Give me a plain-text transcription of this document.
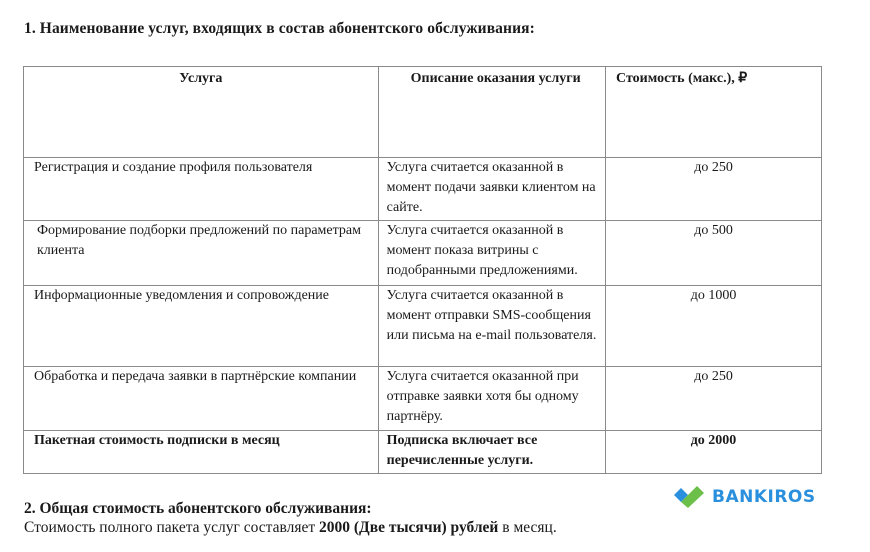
1. Наименование услуг, входящих в состав абонентского обслуживания:
Услуга	Описание оказания услуги	Стоимость (макс.), ₽
Регистрация и создание профиля пользователя	Услуга считается оказанной в момент подачи заявки клиентом на сайте.	до 250
Формирование подборки предложений по параметрам клиента	Услуга считается оказанной в момент показа витрины с подобранными предложениями.	до 500
Информационные уведомления и сопровождение	Услуга считается оказанной в момент отправки SMS-сообщения или письма на e-mail пользователя.	до 1000
Обработка и передача заявки в партнёрские компании	Услуга считается оказанной при отправке заявки хотя бы одному партнёру.	до 250
Пакетная стоимость подписки в месяц	Подписка включает все перечисленные услуги.	до 2000
2. Общая стоимость абонентского обслуживания:
Стоимость полного пакета услуг составляет 2000 (Две тысячи) рублей в месяц.
BANKIROS
